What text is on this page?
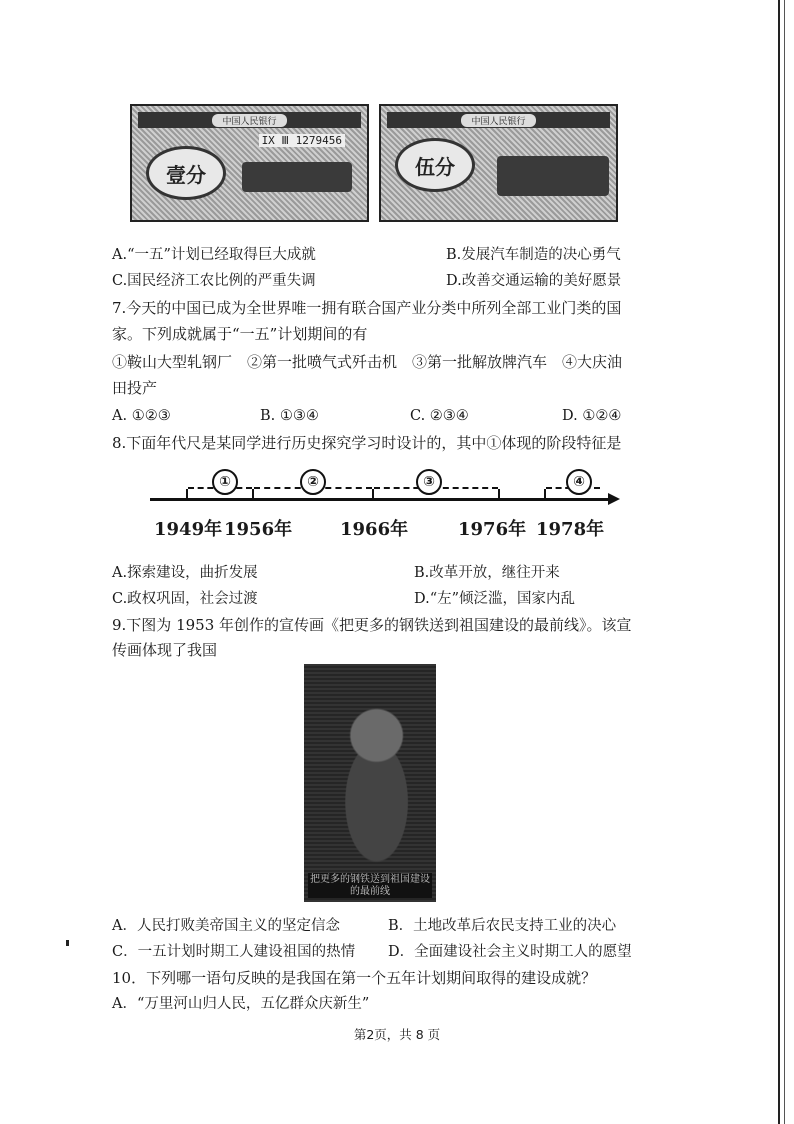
中国人民银行
壹分
IX Ⅲ 1279456
中国人民银行
伍分
A.“一五”计划已经取得巨大成就	B.发展汽车制造的决心勇气
C.国民经济工农比例的严重失调	D.改善交通运输的美好愿景
7.今天的中国已成为全世界唯一拥有联合国产业分类中所列全部工业门类的国
家。下列成就属于“一五”计划期间的有
①鞍山大型轧钢厂　②第一批喷气式歼击机　③第一批解放牌汽车　④大庆油
田投产
A. ①②③	B. ①③④	C. ②③④	D. ①②④
8.下面年代尺是某同学进行历史探究学习时设计的，其中①体现的阶段特征是
①	②	③	④
1949年 1956年	1966年	1976年 1978年
A.探索建设，曲折发展	B.改革开放，继往开来
C.政权巩固，社会过渡	D.“左”倾泛滥，国家内乱
9.下图为 1953 年创作的宣传画《把更多的钢铁送到祖国建设的最前线》。该宣
传画体现了我国
把更多的钢铁送到祖国建设的最前线
A．人民打败美帝国主义的坚定信念	B．土地改革后农民支持工业的决心
C．一五计划时期工人建设祖国的热情 D．全面建设社会主义时期工人的愿望
10．下列哪一语句反映的是我国在第一个五年计划期间取得的建设成就？
A．“万里河山归人民，五亿群众庆新生”
第2页，共 8 页
